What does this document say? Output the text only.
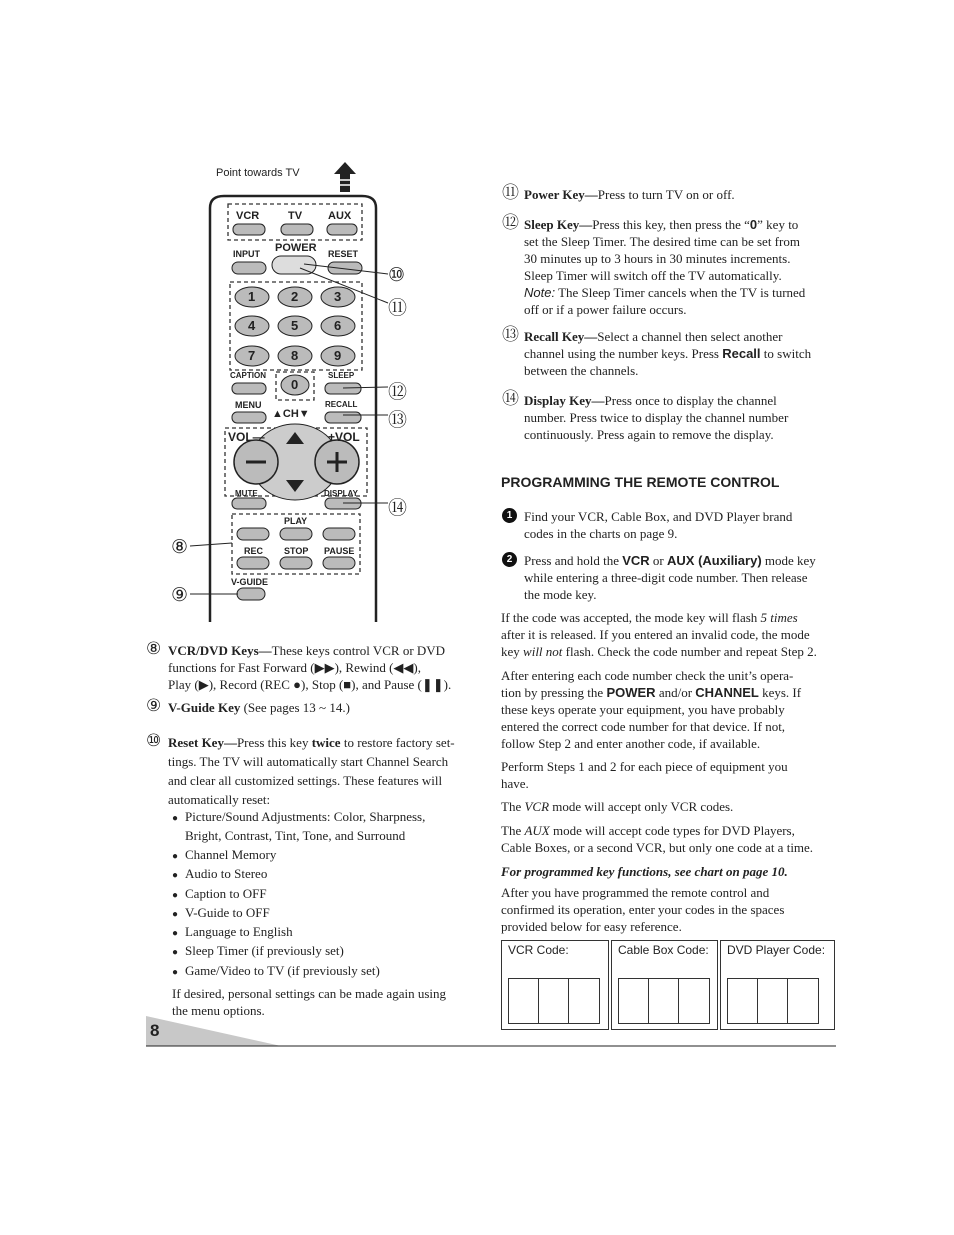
Point towards TV
VCR	TV AUX
INPUT POWER RESET
1	2	3
4	5	6
7	8	9
0
CAPTION	SLEEP
MENU
▲CH▼
RECALL
VOL—	+VOL
MUTE	DISPLAY
PLAY
REC STOP PAUSE
V-GUIDE
⑩
⑪
⑫
⑬
⑭
⑧
⑨
⑧ VCR/DVD Keys—These keys control VCR or DVD
functions for Fast Forward (▶▶), Rewind (◀◀),
Play (▶), Record (REC ●), Stop (■), and Pause (❚❚).
⑨ V-Guide Key (See pages 13 ~ 14.)
⑩ Reset Key—Press this key twice to restore factory set-
tings. The TV will automatically start Channel Search
and clear all customized settings. These features will
automatically reset:
● Picture/Sound Adjustments: Color, Sharpness,
Bright, Contrast, Tint, Tone, and Surround
● Channel Memory
● Audio to Stereo
● Caption to OFF
● V-Guide to OFF
● Language to English
● Sleep Timer (if previously set)
● Game/Video to TV (if previously set)
If desired, personal settings can be made again using
the menu options.
8
⑪ Power Key—Press to turn TV on or off.
⑫ Sleep Key—Press this key, then press the “0” key to
set the Sleep Timer. The desired time can be set from
30 minutes up to 3 hours in 30 minutes increments.
Sleep Timer will switch off the TV automatically.
Note: The Sleep Timer cancels when the TV is turned
off or if a power failure occurs.
⑬ Recall Key—Select a channel then select another
channel using the number keys. Press Recall to switch
between the channels.
⑭ Display Key—Press once to display the channel
number. Press twice to display the channel number
continuously. Press again to remove the display.
PROGRAMMING THE REMOTE CONTROL
1 Find your VCR, Cable Box, and DVD Player brand
codes in the charts on page 9.
2 Press and hold the VCR or AUX (Auxiliary) mode key
while entering a three-digit code number. Then release
the mode key.
If the code was accepted, the mode key will flash 5 times
after it is released. If you entered an invalid code, the mode
key will not flash. Check the code number and repeat Step 2.
After entering each code number check the unit’s opera-
tion by pressing the POWER and/or CHANNEL keys. If
these keys operate your equipment, you have probably
entered the correct code number for that device. If not,
follow Step 2 and enter another code, if available.
Perform Steps 1 and 2 for each piece of equipment you
have.
The VCR mode will accept only VCR codes.
The AUX mode will accept code types for DVD Players,
Cable Boxes, or a second VCR, but only one code at a time.
For programmed key functions, see chart on page 10.
After you have programmed the remote control and
confirmed its operation, enter your codes in the spaces
provided below for easy reference.
VCR Code:	Cable Box Code: DVD Player Code:
